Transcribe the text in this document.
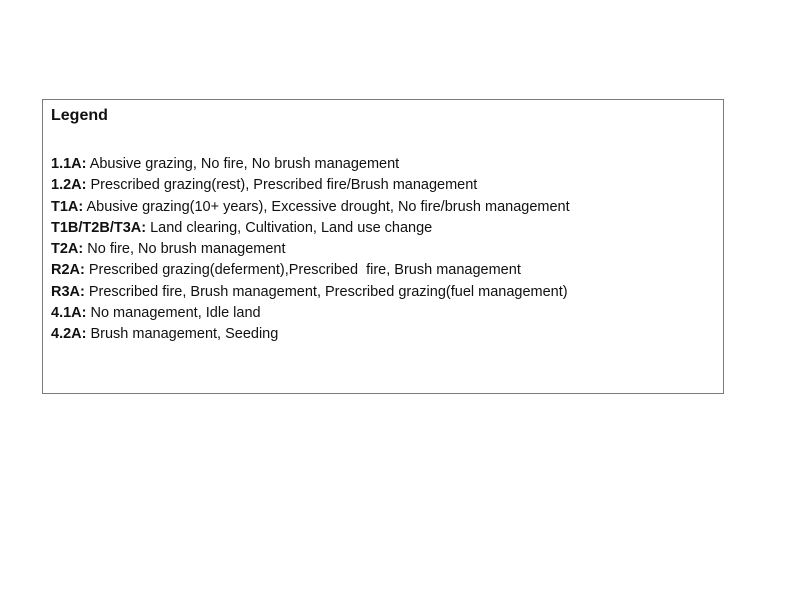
Legend
1.1A: Abusive grazing, No fire, No brush management
1.2A: Prescribed grazing(rest), Prescribed fire/Brush management
T1A: Abusive grazing(10+ years), Excessive drought, No fire/brush management
T1B/T2B/T3A: Land clearing, Cultivation, Land use change
T2A: No fire, No brush management
R2A: Prescribed grazing(deferment),Prescribed  fire, Brush management
R3A: Prescribed fire, Brush management, Prescribed grazing(fuel management)
4.1A: No management, Idle land
4.2A: Brush management, Seeding
